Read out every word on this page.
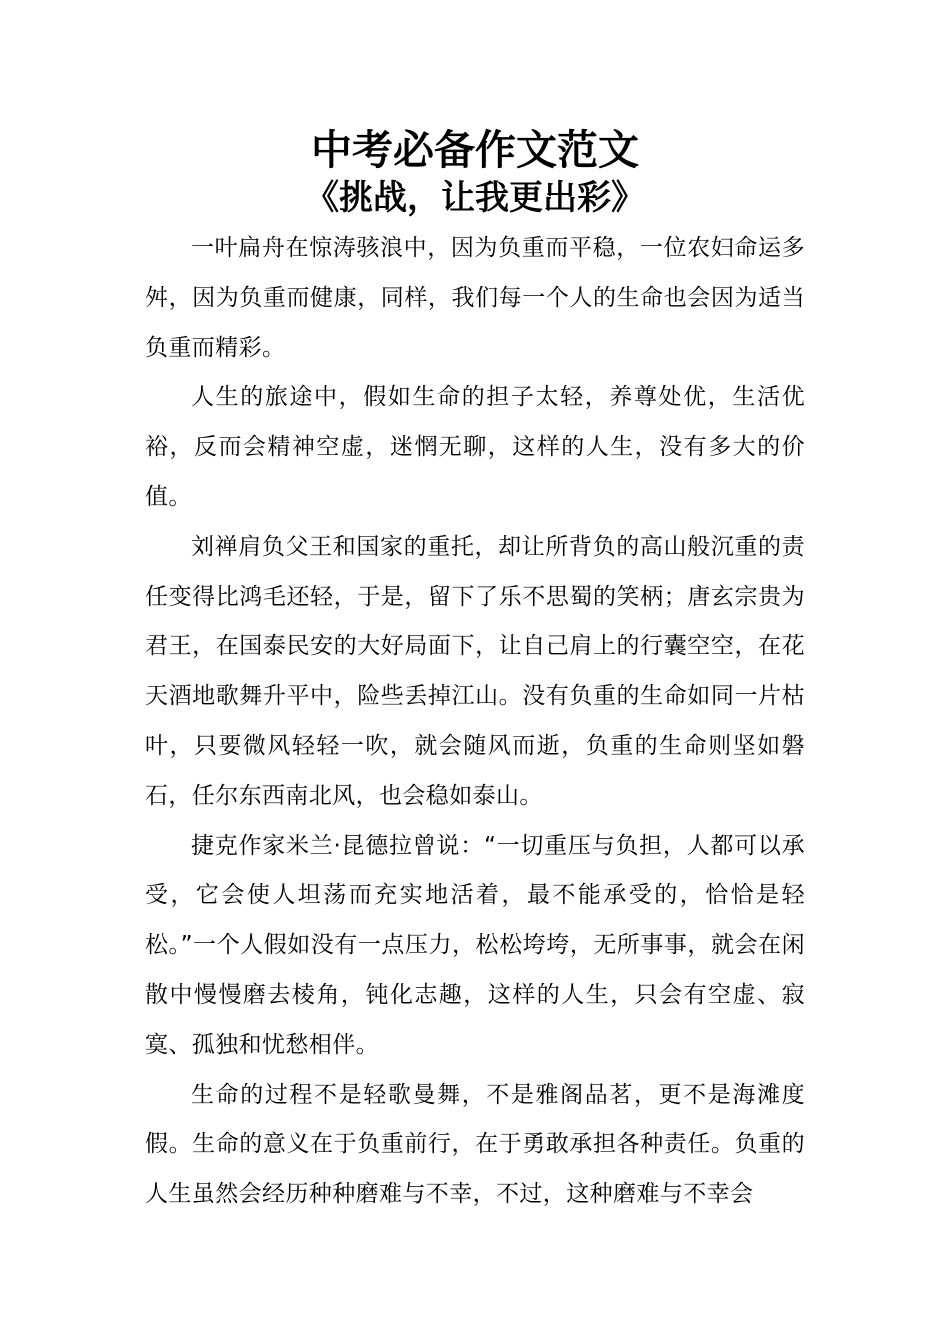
中考必备作文范文
《挑战，让我更出彩》

一叶扁舟在惊涛骇浪中，因为负重而平稳，一位农妇命运多舛，因为负重而健康，同样，我们每一个人的生命也会因为适当负重而精彩。

人生的旅途中，假如生命的担子太轻，养尊处优，生活优裕，反而会精神空虚，迷惘无聊，这样的人生，没有多大的价值。

刘禅肩负父王和国家的重托，却让所背负的高山般沉重的责任变得比鸿毛还轻，于是，留下了乐不思蜀的笑柄；唐玄宗贵为君王，在国泰民安的大好局面下，让自己肩上的行囊空空，在花天酒地歌舞升平中，险些丢掉江山。没有负重的生命如同一片枯叶，只要微风轻轻一吹，就会随风而逝，负重的生命则坚如磐石，任尔东西南北风，也会稳如泰山。

捷克作家米兰·昆德拉曾说：“一切重压与负担，人都可以承受，它会使人坦荡而充实地活着，最不能承受的，恰恰是轻松。”一个人假如没有一点压力，松松垮垮，无所事事，就会在闲散中慢慢磨去棱角，钝化志趣，这样的人生，只会有空虚、寂寞、孤独和忧愁相伴。

生命的过程不是轻歌曼舞，不是雅阁品茗，更不是海滩度假。生命的意义在于负重前行，在于勇敢承担各种责任。负重的人生虽然会经历种种磨难与不幸，不过，这种磨难与不幸会
